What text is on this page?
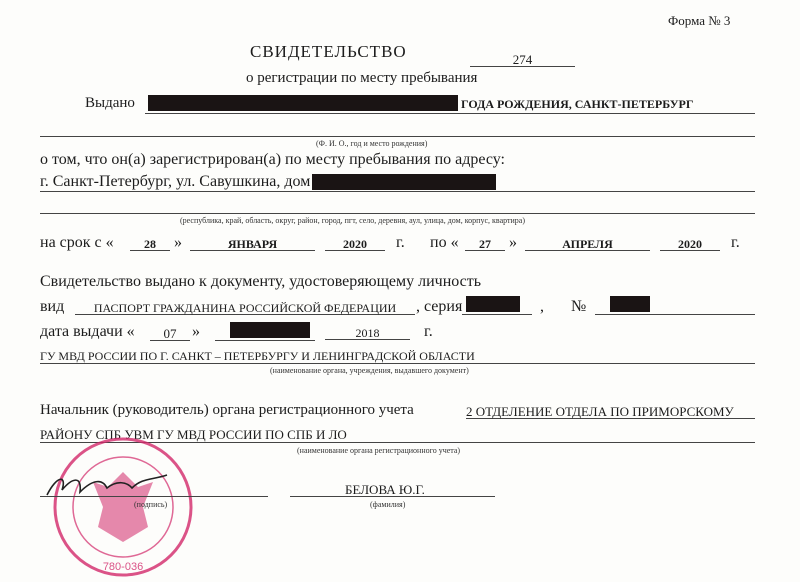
Форма № 3
СВИДЕТЕЛЬСТВО	274
о регистрации по месту пребывания
Выдано	ГОДА РОЖДЕНИЯ, САНКТ-ПЕТЕРБУРГ
(Ф. И. О., год и место рождения)
о том, что он(а) зарегистрирован(а) по месту пребывания по адресу:
г. Санкт-Петербург, ул. Савушкина, дом
(республика, край, область, округ, район, город, пгт, село, деревня, аул, улица, дом, корпус, квартира)
на срок с «	28	»	ЯНВАРЯ	2020	г. по «	27	»	АПРЕЛЯ	2020	г.
Свидетельство выдано к документу, удостоверяющему личность
вид	ПАСПОРТ ГРАЖДАНИНА РОССИЙСКОЙ ФЕДЕРАЦИИ	, серия	, №
дата выдачи «	07 »	2018	г.
ГУ МВД РОССИИ ПО Г. САНКТ – ПЕТЕРБУРГУ И ЛЕНИНГРАДСКОЙ ОБЛАСТИ
(наименование органа, учреждения, выдавшего документ)
Начальник (руководитель) органа регистрационного учета	2 ОТДЕЛЕНИЕ ОТДЕЛА ПО ПРИМОРСКОМУ
РАЙОНУ СПБ УВМ ГУ МВД РОССИИ ПО СПБ И ЛО
(наименование органа регистрационного учета)
780-036
(подпись)
БЕЛОВА Ю.Г.
(фамилия)
